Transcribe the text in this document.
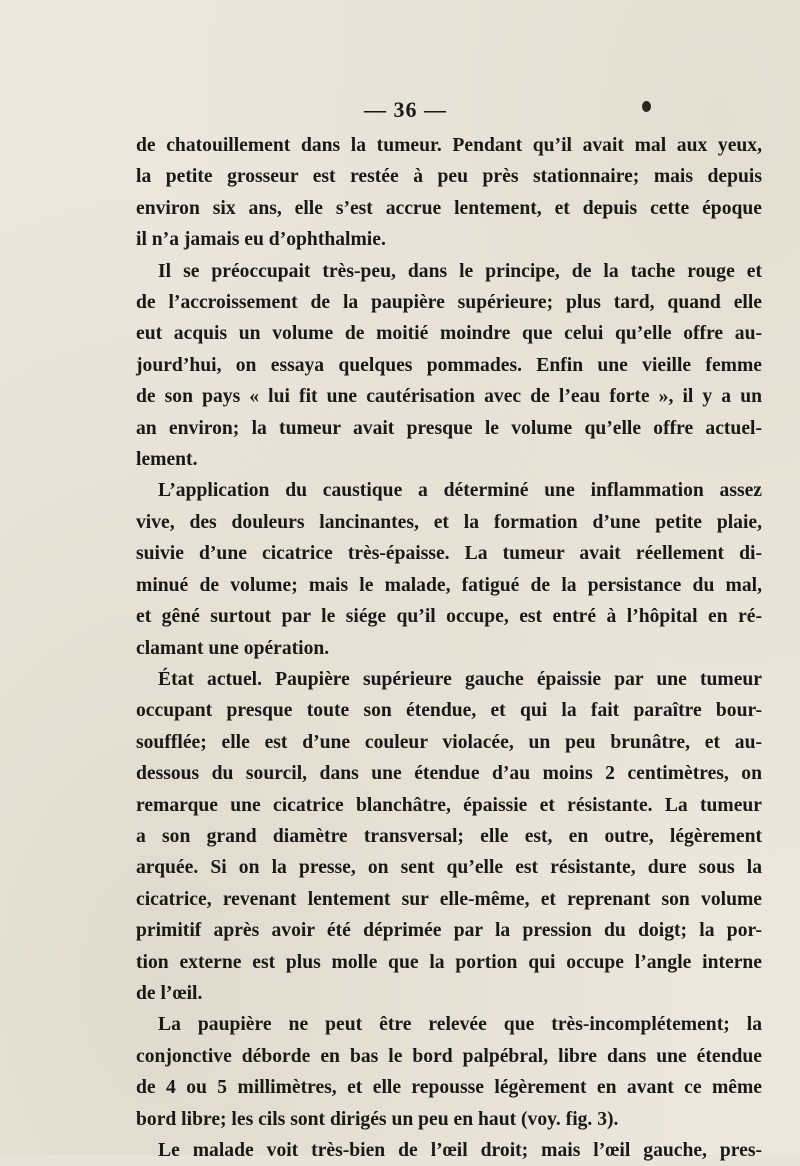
— 36 —
de chatouillement dans la tumeur. Pendant qu’il avait mal aux yeux,
la petite grosseur est restée à peu près stationnaire; mais depuis
environ six ans, elle s’est accrue lentement, et depuis cette époque
il n’a jamais eu d’ophthalmie.
Il se préoccupait très-peu, dans le principe, de la tache rouge et
de l’accroissement de la paupière supérieure; plus tard, quand elle
eut acquis un volume de moitié moindre que celui qu’elle offre au-
jourd’hui, on essaya quelques pommades. Enfin une vieille femme
de son pays « lui fit une cautérisation avec de l’eau forte », il y a un
an environ; la tumeur avait presque le volume qu’elle offre actuel-
lement.
L’application du caustique a déterminé une inflammation assez
vive, des douleurs lancinantes, et la formation d’une petite plaie,
suivie d’une cicatrice très-épaisse. La tumeur avait réellement di-
minué de volume; mais le malade, fatigué de la persistance du mal,
et gêné surtout par le siége qu’il occupe, est entré à l’hôpital en ré-
clamant une opération.
État actuel. Paupière supérieure gauche épaissie par une tumeur
occupant presque toute son étendue, et qui la fait paraître bour-
soufflée; elle est d’une couleur violacée, un peu brunâtre, et au-
dessous du sourcil, dans une étendue d’au moins 2 centimètres, on
remarque une cicatrice blanchâtre, épaissie et résistante. La tumeur
a son grand diamètre transversal; elle est, en outre, légèrement
arquée. Si on la presse, on sent qu’elle est résistante, dure sous la
cicatrice, revenant lentement sur elle-même, et reprenant son volume
primitif après avoir été déprimée par la pression du doigt; la por-
tion externe est plus molle que la portion qui occupe l’angle interne
de l’œil.
La paupière ne peut être relevée que très-incomplétement; la
conjonctive déborde en bas le bord palpébral, libre dans une étendue
de 4 ou 5 millimètres, et elle repousse légèrement en avant ce même
bord libre; les cils sont dirigés un peu en haut (voy. fig. 3).
Le malade voit très-bien de l’œil droit; mais l’œil gauche, pres-
